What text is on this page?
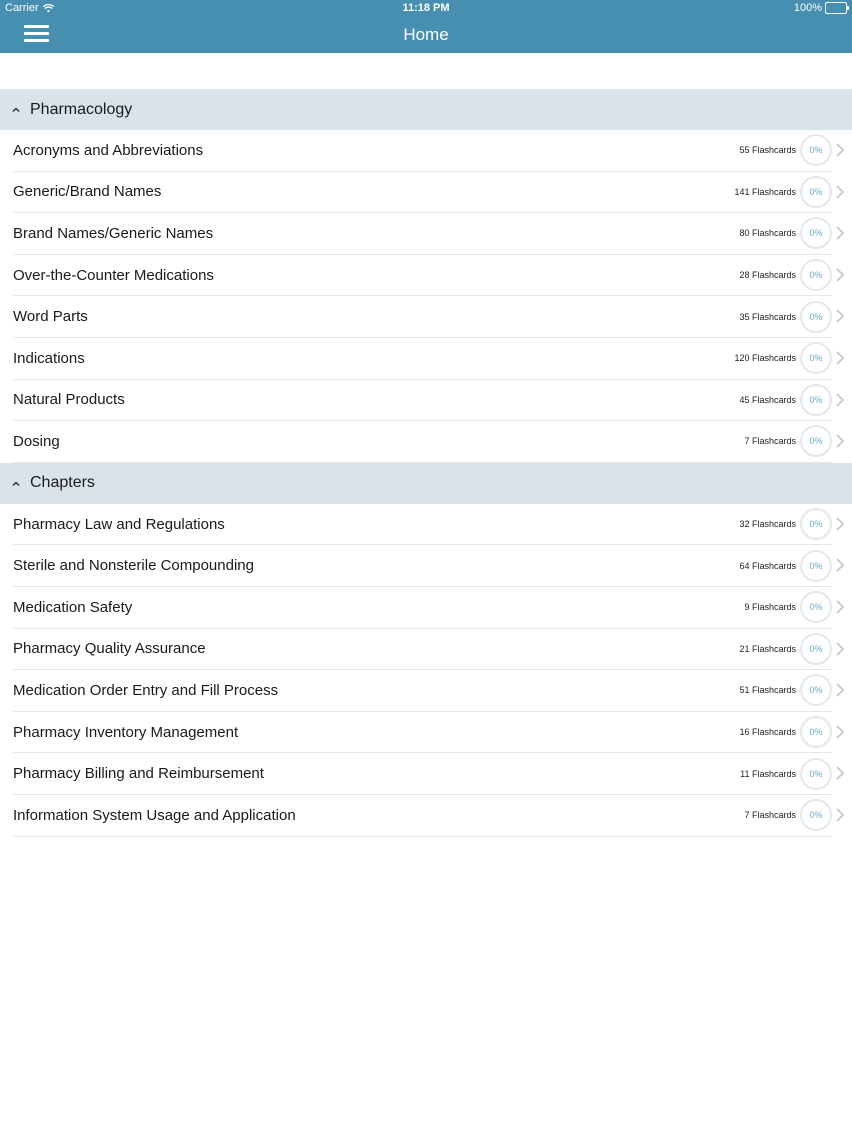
Carrier	11:18 PM	100%
Home
Pharmacology
Acronyms and Abbreviations	55 Flashcards	0%
Generic/Brand Names	141 Flashcards	0%
Brand Names/Generic Names	80 Flashcards	0%
Over-the-Counter Medications	28 Flashcards	0%
Word Parts	35 Flashcards	0%
Indications	120 Flashcards	0%
Natural Products	45 Flashcards	0%
Dosing	7 Flashcards	0%
Chapters
Pharmacy Law and Regulations	32 Flashcards	0%
Sterile and Nonsterile Compounding	64 Flashcards	0%
Medication Safety	9 Flashcards	0%
Pharmacy Quality Assurance	21 Flashcards	0%
Medication Order Entry and Fill Process	51 Flashcards	0%
Pharmacy Inventory Management	16 Flashcards	0%
Pharmacy Billing and Reimbursement	11 Flashcards	0%
Information System Usage and Application	7 Flashcards	0%
